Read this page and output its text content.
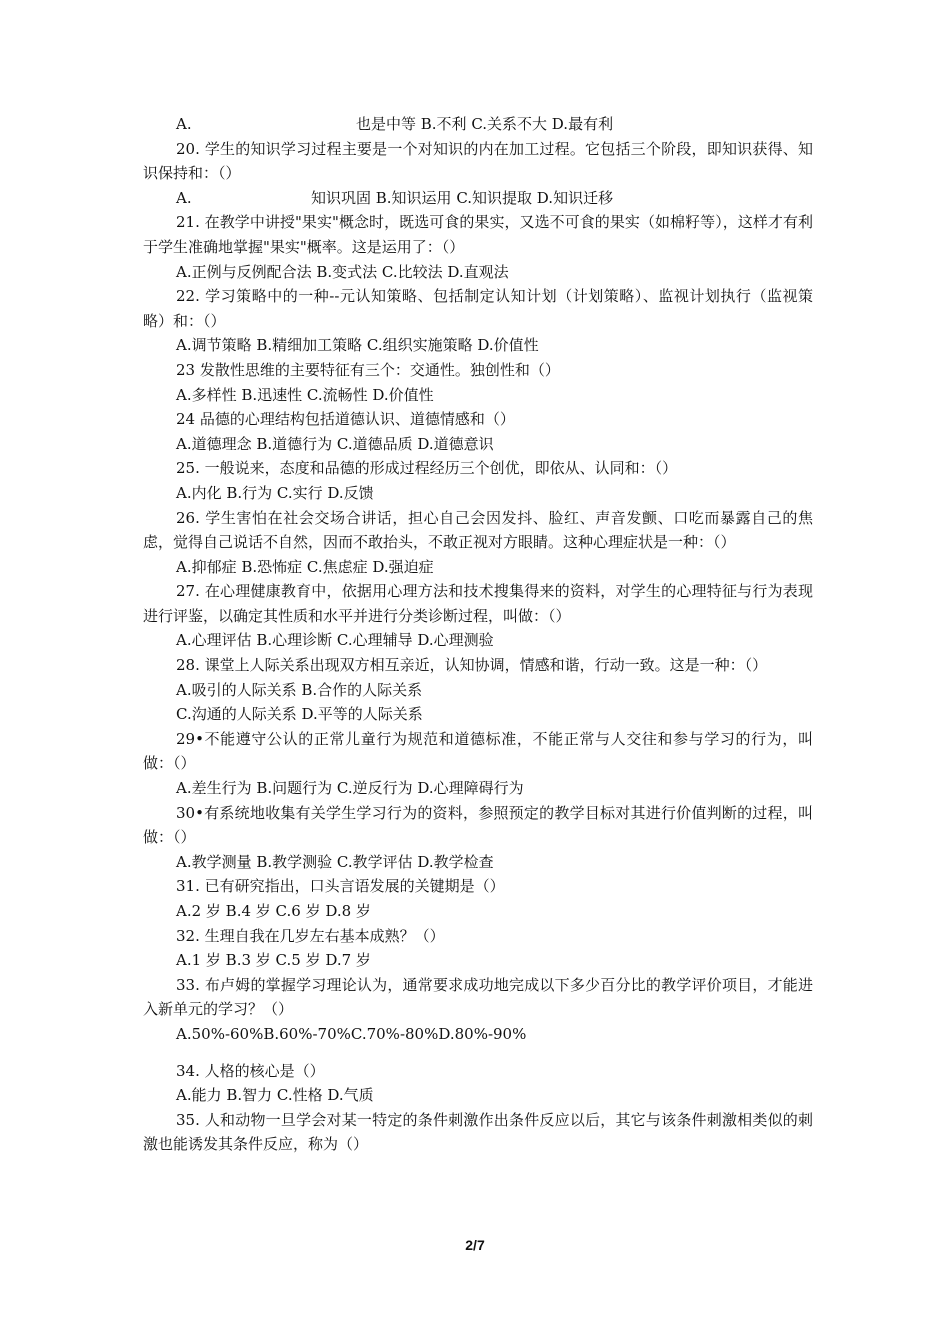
A.	也是中等 B.不利 C.关系不大 D.最有利
20. 学生的知识学习过程主要是一个对知识的内在加工过程。它包括三个阶段，即知识获得、知识保持和：（）
A.	知识巩固 B.知识运用 C.知识提取 D.知识迁移
21. 在教学中讲授"果实"概念时，既选可食的果实，又选不可食的果实（如棉籽等），这样才有利于学生准确地掌握"果实"概率。这是运用了：（）
A.正例与反例配合法 B.变式法 C.比较法 D.直观法
22. 学习策略中的一种--元认知策略、包括制定认知计划（计划策略）、监视计划执行（监视策略）和：（）
A.调节策略 B.精细加工策略 C.组织实施策略 D.价值性
23 发散性思维的主要特征有三个：交通性。独创性和（）
A.多样性 B.迅速性 C.流畅性 D.价值性
24 品德的心理结构包括道德认识、道德情感和（）
A.道德理念 B.道德行为 C.道德品质 D.道德意识
25. 一般说来，态度和品德的形成过程经历三个创优，即依从、认同和：（）
A.内化 B.行为 C.实行 D.反馈
26. 学生害怕在社会交场合讲话，担心自己会因发抖、脸红、声音发颤、口吃而暴露自己的焦虑，觉得自己说话不自然，因而不敢抬头，不敢正视对方眼睛。这种心理症状是一种：（）
A.抑郁症 B.恐怖症 C.焦虑症 D.强迫症
27. 在心理健康教育中，依据用心理方法和技术搜集得来的资料，对学生的心理特征与行为表现进行评鉴，以确定其性质和水平并进行分类诊断过程，叫做：（）
A.心理评估 B.心理诊断 C.心理辅导 D.心理测验
28. 课堂上人际关系出现双方相互亲近，认知协调，情感和谐，行动一致。这是一种：（）
A.吸引的人际关系 B.合作的人际关系
C.沟通的人际关系 D.平等的人际关系
29•不能遵守公认的正常儿童行为规范和道德标准，不能正常与人交往和参与学习的行为，叫做：（）
A.差生行为 B.问题行为 C.逆反行为 D.心理障碍行为
30•有系统地收集有关学生学习行为的资料，参照预定的教学目标对其进行价值判断的过程，叫做：（）
A.教学测量 B.教学测验 C.教学评估 D.教学检查
31. 已有研究指出，口头言语发展的关键期是（）
A.2 岁 B.4 岁 C.6 岁 D.8 岁
32. 生理自我在几岁左右基本成熟？（）
A.1 岁 B.3 岁 C.5 岁 D.7 岁
33. 布卢姆的掌握学习理论认为，通常要求成功地完成以下多少百分比的教学评价项目，才能进入新单元的学习？（）
A.50%-60%B.60%-70%C.70%-80%D.80%-90%
34. 人格的核心是（）
A.能力 B.智力 C.性格 D.气质
35. 人和动物一旦学会对某一特定的条件刺激作出条件反应以后，其它与该条件刺激相类似的刺激也能诱发其条件反应，称为（）
2/7
